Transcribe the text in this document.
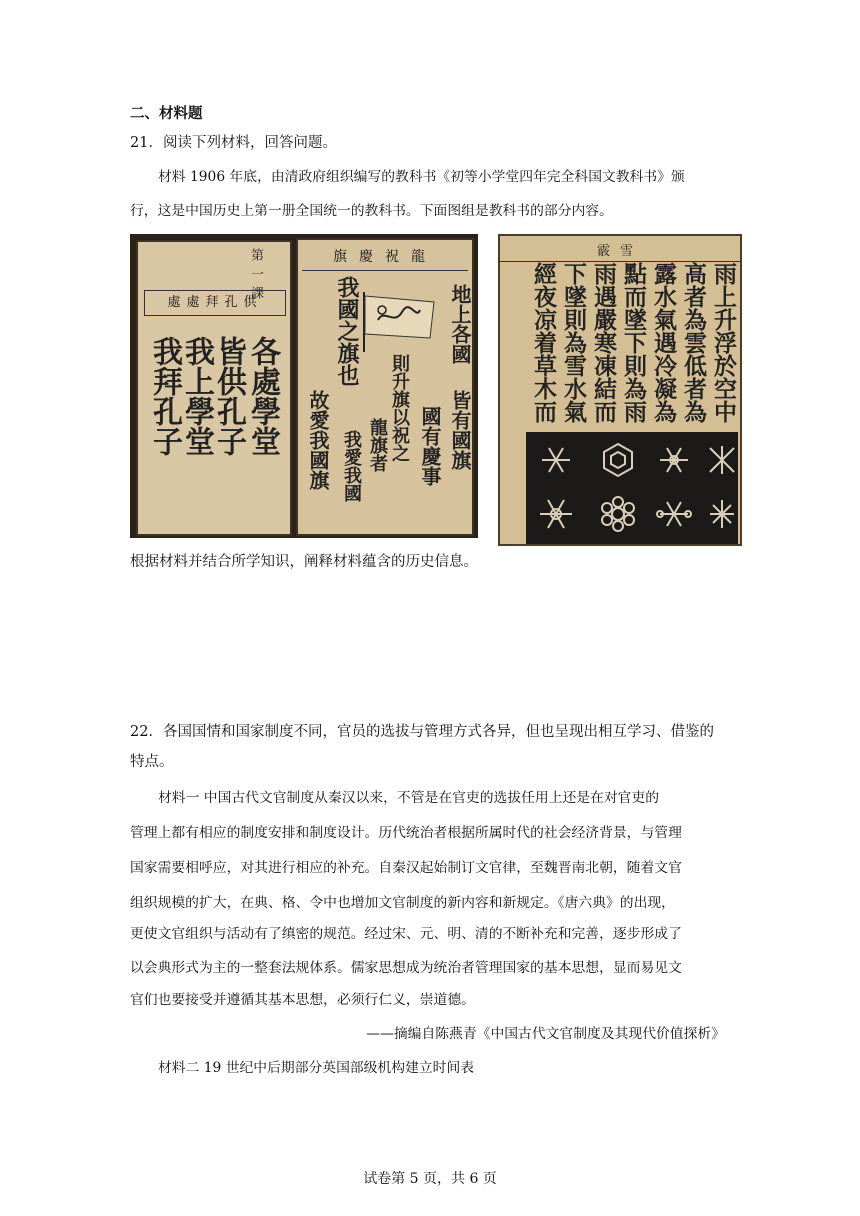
二、材料题
21．阅读下列材料，回答问题。
材料 1906 年底，由清政府组织编写的教科书《初等小学堂四年完全科国文教科书》颁
行，这是中国历史上第一册全国统一的教科书。下面图组是教科书的部分内容。
第一課
處處拜孔供
各處學堂
皆供孔子
我上學堂
我拜孔子
旗慶祝龍
地上各國
皆有國旗
國有慶事
則升旗以祝之
龍旗者
我國之旗也
我愛我國
故愛我國旗
霰雪
雨上升浮於空中
高者為雲低者為
露水氣遇冷凝為
點而墜下則為雨
雨遇嚴寒凍結而
下墜則為雪水氣
經夜凉着草木而
根据材料并结合所学知识，阐释材料蕴含的历史信息。
22．各国国情和国家制度不同，官员的选拔与管理方式各异，但也呈现出相互学习、借鉴的
特点。
材料一 中国古代文官制度从秦汉以来，不管是在官吏的选拔任用上还是在对官吏的
管理上都有相应的制度安排和制度设计。历代统治者根据所属时代的社会经济背景，与管理
国家需要相呼应，对其进行相应的补充。自秦汉起始制订文官律，至魏晋南北朝，随着文官
组织规模的扩大，在典、格、令中也增加文官制度的新内容和新规定。《唐六典》的出现，
更使文官组织与活动有了缜密的规范。经过宋、元、明、清的不断补充和完善，逐步形成了
以会典形式为主的一整套法规体系。儒家思想成为统治者管理国家的基本思想，显而易见文
官们也要接受并遵循其基本思想，必须行仁义，崇道德。
——摘编自陈燕青《中国古代文官制度及其现代价值探析》
材料二 19 世纪中后期部分英国部级机构建立时间表
试卷第 5 页，共 6 页
